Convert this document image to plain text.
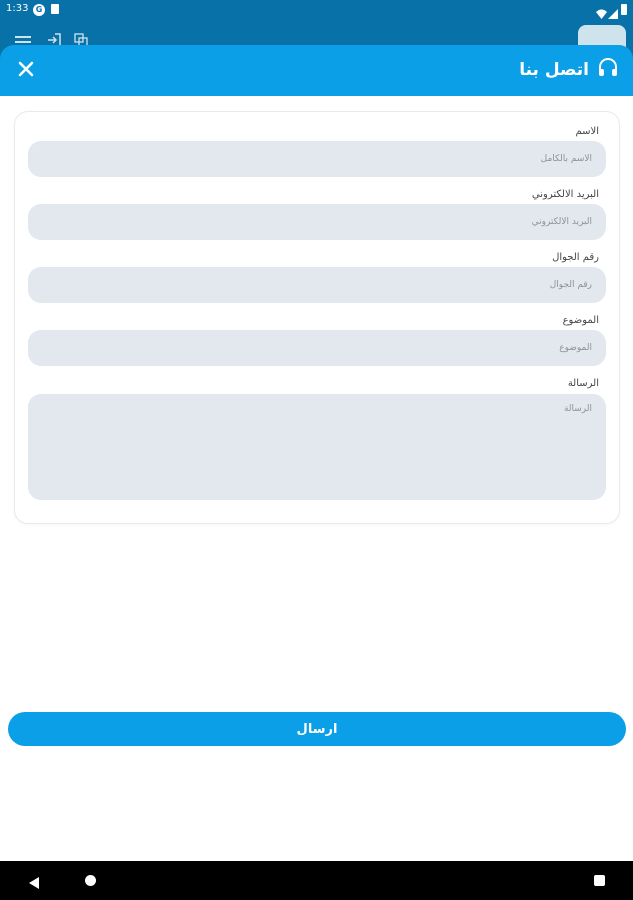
1:33 G
اتصل بنا
الاسم
الاسم بالكامل
البريد الالكتروني
البريد الالكتروني
رقم الجوال
رقم الجوال
الموضوع
الموضوع
الرسالة
الرسالة
ارسال
